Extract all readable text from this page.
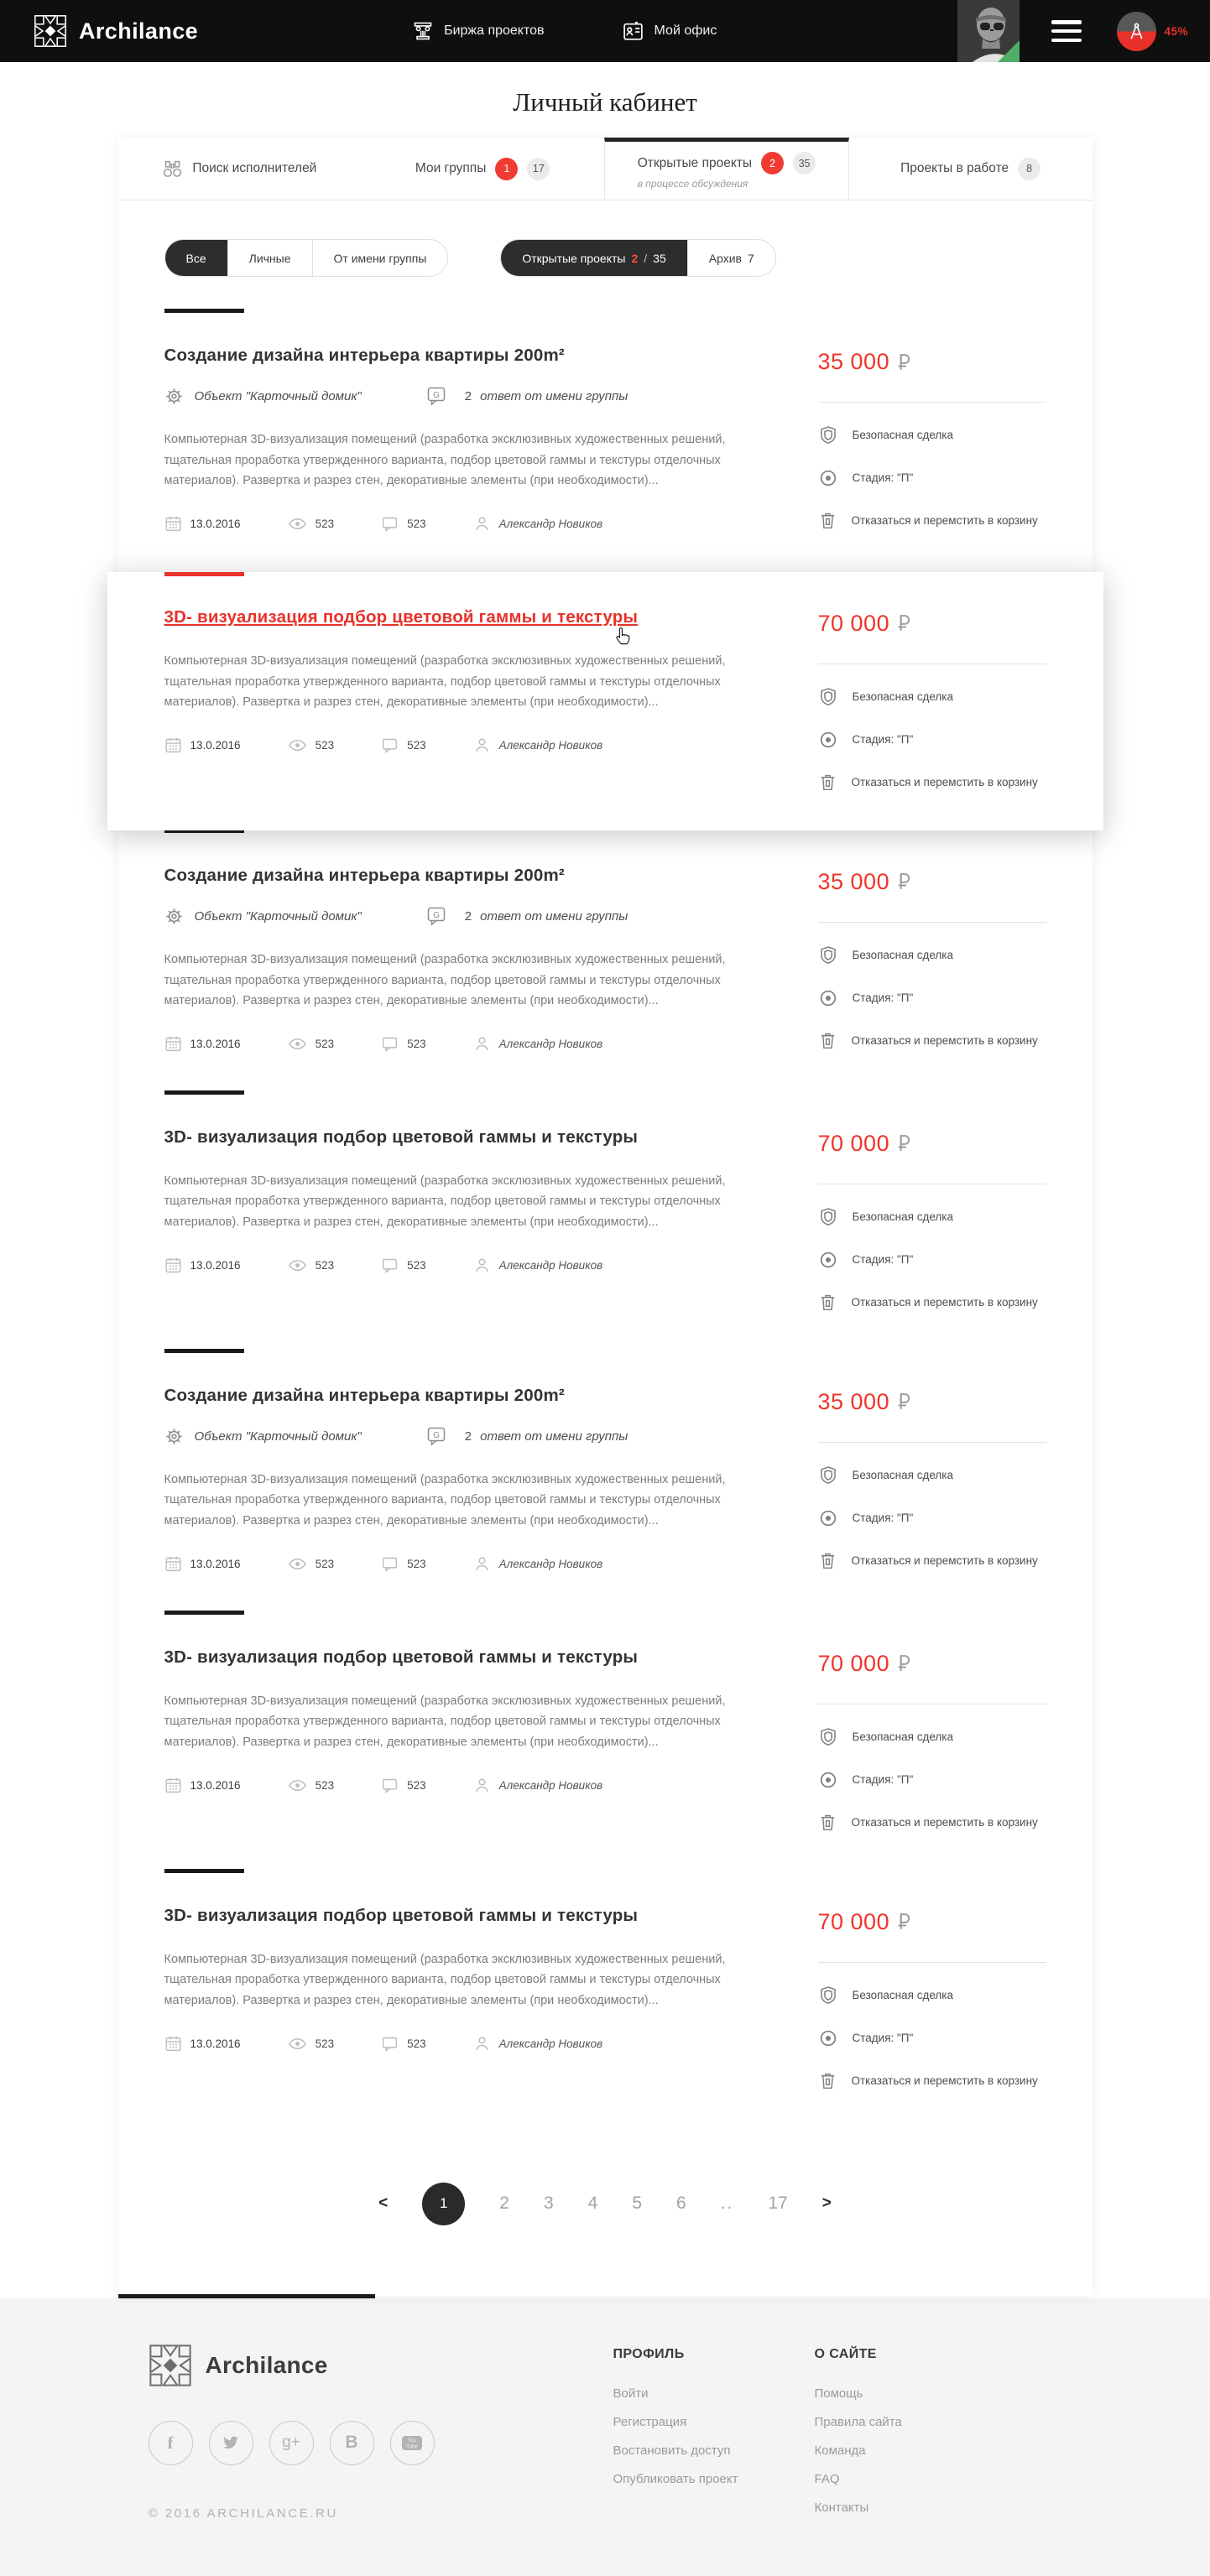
Archilance	Биржа проектов	Мой офис	45%
Личный кабинет
Поиск исполнителей	Мои группы	1	17	Открытые проекты	2	35
в процессе обсуждения
Проекты в работе	8
Все	Личные	От имени группы	Открытые проекты 2 / 35	Архив 7
Создание дизайна интерьера квартиры 200m²
Объект "Карточный домик"	G 2 ответ от имени группы

Компьютерная 3D-визуализация помещений (разработка эксклюзивных художественных решений, тщательная проработка утвержденного варианта, подбор цветовой гаммы и текстуры отделочных материалов). Развертка и разрез стен, декоративные элементы (при необходимости)...

13.0.2016	523	523	Александр Новиков
35 000
Безопасная сделка
Стадия: "П"
Отказаться и перемстить в корзину
3D- визуализация подбор цветовой гаммы и текстуры

Компьютерная 3D-визуализация помещений (разработка эксклюзивных художественных решений, тщательная проработка утвержденного варианта, подбор цветовой гаммы и текстуры отделочных материалов). Развертка и разрез стен, декоративные элементы (при необходимости)...

13.0.2016	523	523	Александр Новиков
70 000
Безопасная сделка
Стадия: "П"
Отказаться и перемстить в корзину
Создание дизайна интерьера квартиры 200m²
Объект "Карточный домик"	G 2 ответ от имени группы

Компьютерная 3D-визуализация помещений (разработка эксклюзивных художественных решений, тщательная проработка утвержденного варианта, подбор цветовой гаммы и текстуры отделочных материалов). Развертка и разрез стен, декоративные элементы (при необходимости)...

13.0.2016	523	523	Александр Новиков
35 000
Безопасная сделка
Стадия: "П"
Отказаться и перемстить в корзину
3D- визуализация подбор цветовой гаммы и текстуры

Компьютерная 3D-визуализация помещений (разработка эксклюзивных художественных решений, тщательная проработка утвержденного варианта, подбор цветовой гаммы и текстуры отделочных материалов). Развертка и разрез стен, декоративные элементы (при необходимости)...

13.0.2016	523	523	Александр Новиков
70 000
Безопасная сделка
Стадия: "П"
Отказаться и перемстить в корзину
Создание дизайна интерьера квартиры 200m²
Объект "Карточный домик"	G 2 ответ от имени группы

Компьютерная 3D-визуализация помещений (разработка эксклюзивных художественных решений, тщательная проработка утвержденного варианта, подбор цветовой гаммы и текстуры отделочных материалов). Развертка и разрез стен, декоративные элементы (при необходимости)...

13.0.2016	523	523	Александр Новиков
35 000
Безопасная сделка
Стадия: "П"
Отказаться и перемстить в корзину
3D- визуализация подбор цветовой гаммы и текстуры

Компьютерная 3D-визуализация помещений (разработка эксклюзивных художественных решений, тщательная проработка утвержденного варианта, подбор цветовой гаммы и текстуры отделочных материалов). Развертка и разрез стен, декоративные элементы (при необходимости)...

13.0.2016	523	523	Александр Новиков
70 000
Безопасная сделка
Стадия: "П"
Отказаться и перемстить в корзину
3D- визуализация подбор цветовой гаммы и текстуры

Компьютерная 3D-визуализация помещений (разработка эксклюзивных художественных решений, тщательная проработка утвержденного варианта, подбор цветовой гаммы и текстуры отделочных материалов). Развертка и разрез стен, декоративные элементы (при необходимости)...

13.0.2016	523	523	Александр Новиков
70 000
Безопасная сделка
Стадия: "П"
Отказаться и перемстить в корзину
<	1	2 3 4 5 6 .. 17 >
Archilance
f	g+	B	You
Tube
© 2016 ARCHILANCE.RU
ПРОФИЛЬ
Войти
Регистрация
Востановить доступ
Опубликовать проект
О САЙТЕ
Помощь
Правила сайта
Команда
FAQ
Контакты
